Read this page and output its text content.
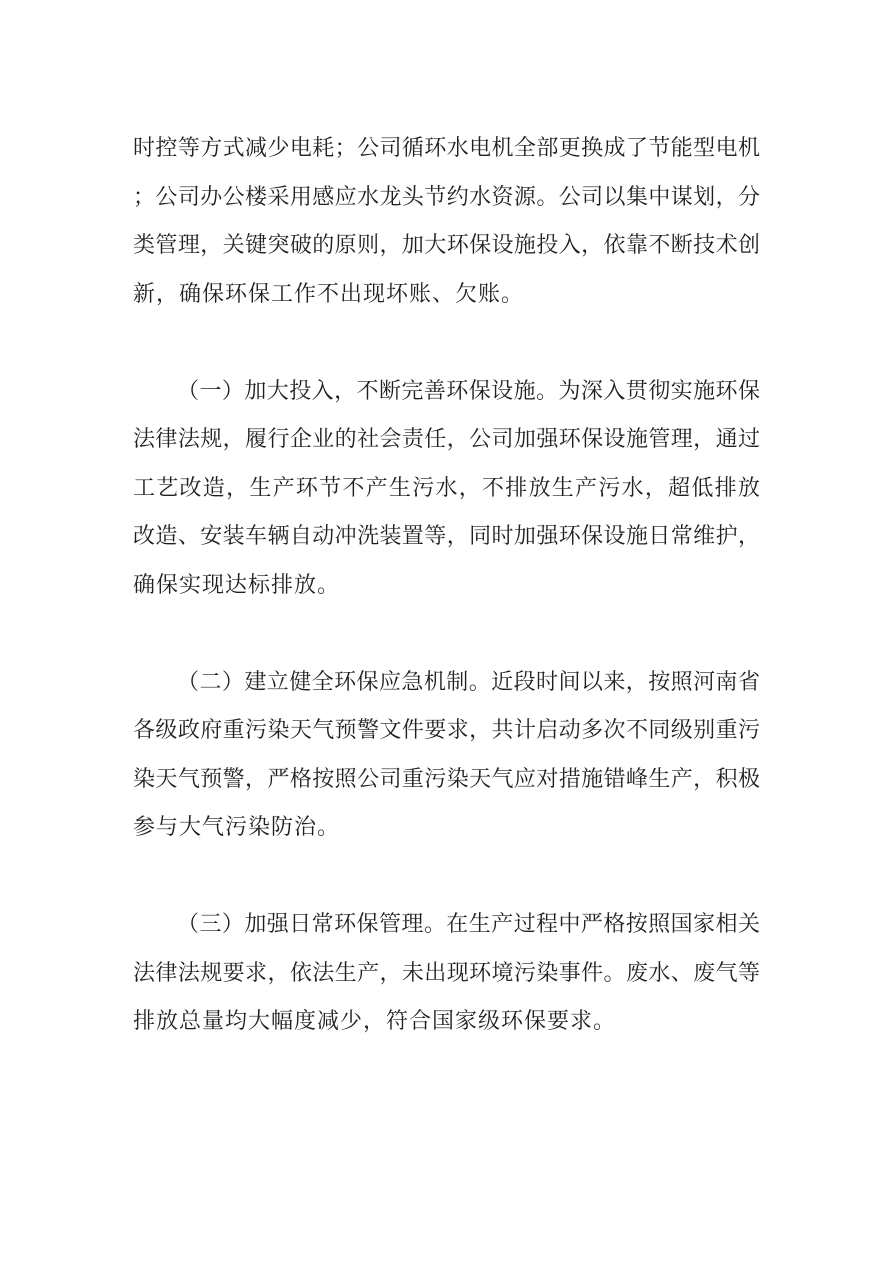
时 控 等 方 式 减 少 电 耗 ； 公 司 循 环 水 电 机 全 部 更 换 成 了 节 能 型 电 机
； 公 司 办 公 楼 采 用 感 应 水 龙 头 节 约 水 资 源 。 公 司 以 集 中 谋 划 ， 分
类 管 理 ， 关 键 突 破 的 原 则 ， 加 大 环 保 设 施 投 入 ， 依 靠 不 断 技 术 创
新，确保环保工作不出现坏账、欠账。
（ 一 ） 加 大 投 入 ， 不 断 完 善 环 保 设 施 。 为 深 入 贯 彻 实 施 环 保
法 律 法 规 ， 履 行 企 业 的 社 会 责 任 ， 公 司 加 强 环 保 设 施 管 理 ， 通 过
工 艺 改 造 ， 生 产 环 节 不 产 生 污 水 ， 不 排 放 生 产 污 水 ， 超 低 排 放
改 造 、 安 装 车 辆 自 动 冲 洗 装 置 等 ， 同 时 加 强 环 保 设 施 日 常 维 护 ，
确保实现达标排放。
（ 二 ） 建 立 健 全 环 保 应 急 机 制 。 近 段 时 间 以 来 ， 按 照 河 南 省
各 级 政 府 重 污 染 天 气 预 警 文 件 要 求 ， 共 计 启 动 多 次 不 同 级 别 重 污
染 天 气 预 警 ， 严 格 按 照 公 司 重 污 染 天 气 应 对 措 施 错 峰 生 产 ， 积 极
参与大气污染防治。
（ 三 ） 加 强 日 常 环 保 管 理 。 在 生 产 过 程 中 严 格 按 照 国 家 相 关
法 律 法 规 要 求 ， 依 法 生 产 ， 未 出 现 环 境 污 染 事 件 。 废 水 、 废 气 等
排放总量均大幅度减少，符合国家级环保要求。
